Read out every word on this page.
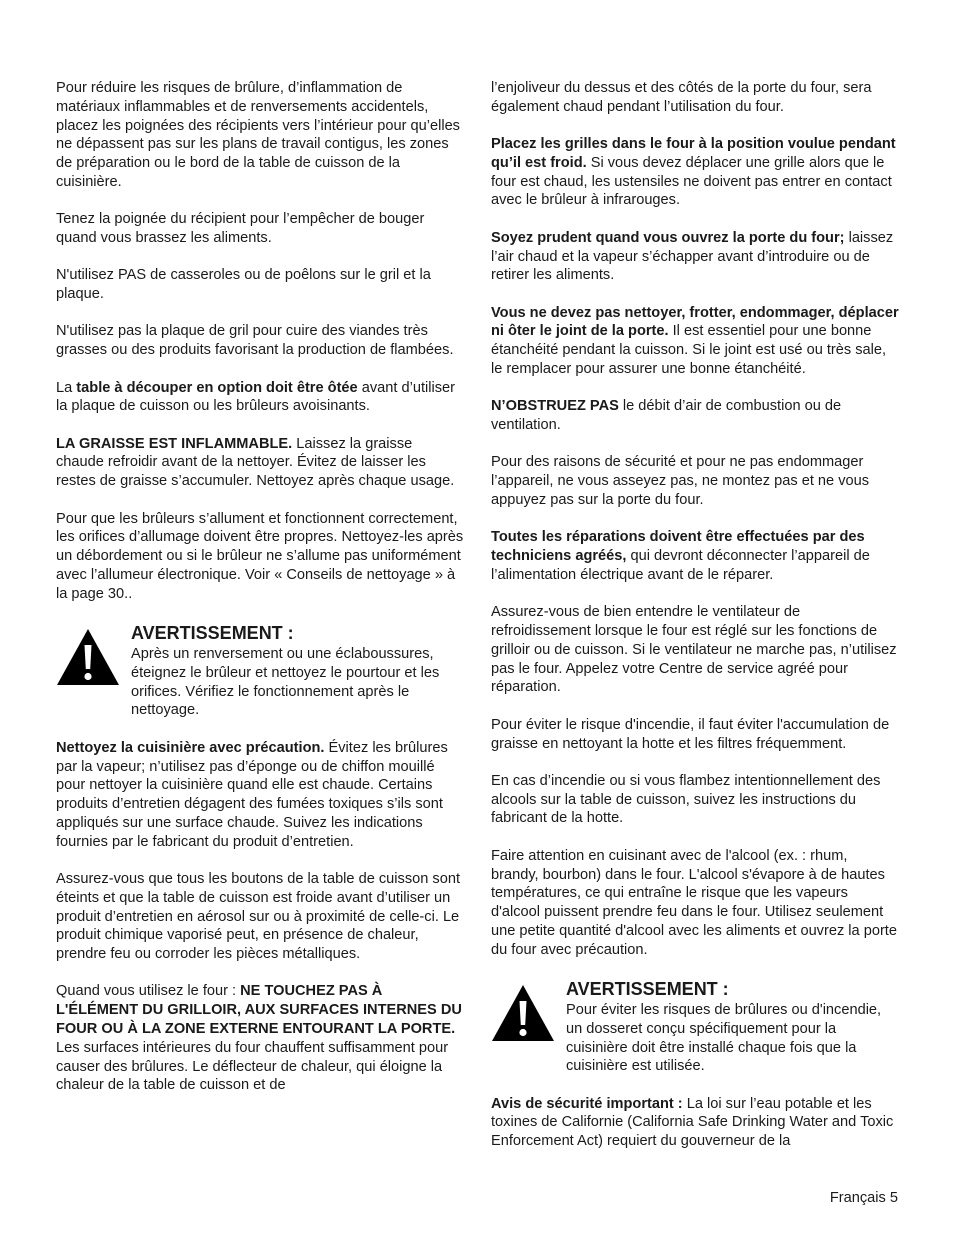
Pour réduire les risques de brûlure, d’inflammation de matériaux inflammables et de renversements accidentels, placez les poignées des récipients vers l’intérieur pour qu’elles ne dépassent pas sur les plans de travail contigus, les zones de préparation ou le bord de la table de cuisson de la cuisinière.

Tenez la poignée du récipient pour l’empêcher de bouger quand vous brassez les aliments.

N'utilisez PAS de casseroles ou de poêlons sur le gril et la plaque.

N'utilisez pas la plaque de gril pour cuire des viandes très grasses ou des produits favorisant la production de flambées.

La table à découper en option doit être ôtée avant d’utiliser la plaque de cuisson ou les brûleurs avoisinants.

LA GRAISSE EST INFLAMMABLE. Laissez la graisse chaude refroidir avant de la nettoyer. Évitez de laisser les restes de graisse s’accumuler. Nettoyez après chaque usage.

Pour que les brûleurs s’allument et fonctionnent correctement, les orifices d’allumage doivent être propres. Nettoyez-les après un débordement ou si le brûleur ne s’allume pas uniformément avec l’allumeur électronique. Voir « Conseils de nettoyage » à la page 30..

AVERTISSEMENT :

Après un renversement ou une éclaboussures, éteignez le brûleur et nettoyez le pourtour et les orifices. Vérifiez le fonctionnement après le nettoyage.

Nettoyez la cuisinière avec précaution. Évitez les brûlures par la vapeur; n’utilisez pas d’éponge ou de chiffon mouillé pour nettoyer la cuisinière quand elle est chaude. Certains produits d’entretien dégagent des fumées toxiques s’ils sont appliqués sur une surface chaude. Suivez les indications fournies par le fabricant du produit d’entretien.

Assurez-vous que tous les boutons de la table de cuisson sont éteints et que la table de cuisson est froide avant d’utiliser un produit d’entretien en aérosol sur ou à proximité de celle-ci. Le produit chimique vaporisé peut, en présence de chaleur, prendre feu ou corroder les pièces métalliques.

Quand vous utilisez le four : NE TOUCHEZ PAS À L'ÉLÉMENT DU GRILLOIR, AUX SURFACES INTERNES DU FOUR OU À LA ZONE EXTERNE ENTOURANT LA PORTE. Les surfaces intérieures du four chauffent suffisamment pour causer des brûlures. Le déflecteur de chaleur, qui éloigne la chaleur de la table de cuisson et de

l’enjoliveur du dessus et des côtés de la porte du four, sera également chaud pendant l’utilisation du four.

Placez les grilles dans le four à la position voulue pendant qu’il est froid. Si vous devez déplacer une grille alors que le four est chaud, les ustensiles ne doivent pas entrer en contact avec le brûleur à infrarouges.

Soyez prudent quand vous ouvrez la porte du four; laissez l’air chaud et la vapeur s’échapper avant d’introduire ou de retirer les aliments.

Vous ne devez pas nettoyer, frotter, endommager, déplacer ni ôter le joint de la porte. Il est essentiel pour une bonne étanchéité pendant la cuisson. Si le joint est usé ou très sale, le remplacer pour assurer une bonne étanchéité.

N’OBSTRUEZ PAS le débit d’air de combustion ou de ventilation.

Pour des raisons de sécurité et pour ne pas endommager l’appareil, ne vous asseyez pas, ne montez pas et ne vous appuyez pas sur la porte du four.

Toutes les réparations doivent être effectuées par des techniciens agréés, qui devront déconnecter l’appareil de l’alimentation électrique avant de le réparer.

Assurez-vous de bien entendre le ventilateur de refroidissement lorsque le four est réglé sur les fonctions de grilloir ou de cuisson. Si le ventilateur ne marche pas, n’utilisez pas le four. Appelez votre Centre de service agréé pour réparation.

Pour éviter le risque d'incendie, il faut éviter l'accumulation de graisse en nettoyant la hotte et les filtres fréquemment.

En cas d’incendie ou si vous flambez intentionnellement des alcools sur la table de cuisson, suivez les instructions du fabricant de la hotte.

Faire attention en cuisinant avec de l'alcool (ex. : rhum, brandy, bourbon) dans le four. L'alcool s'évapore à de hautes températures, ce qui entraîne le risque que les vapeurs d'alcool puissent prendre feu dans le four. Utilisez seulement une petite quantité d'alcool avec les aliments et ouvrez la porte du four avec précaution.

AVERTISSEMENT :

Pour éviter les risques de brûlures ou d'incendie, un dosseret conçu spécifiquement pour la cuisinière doit être installé chaque fois que la cuisinière est utilisée.

Avis de sécurité important : La loi sur l’eau potable et les toxines de Californie (California Safe Drinking Water and Toxic Enforcement Act) requiert du gouverneur de la

Français 5
